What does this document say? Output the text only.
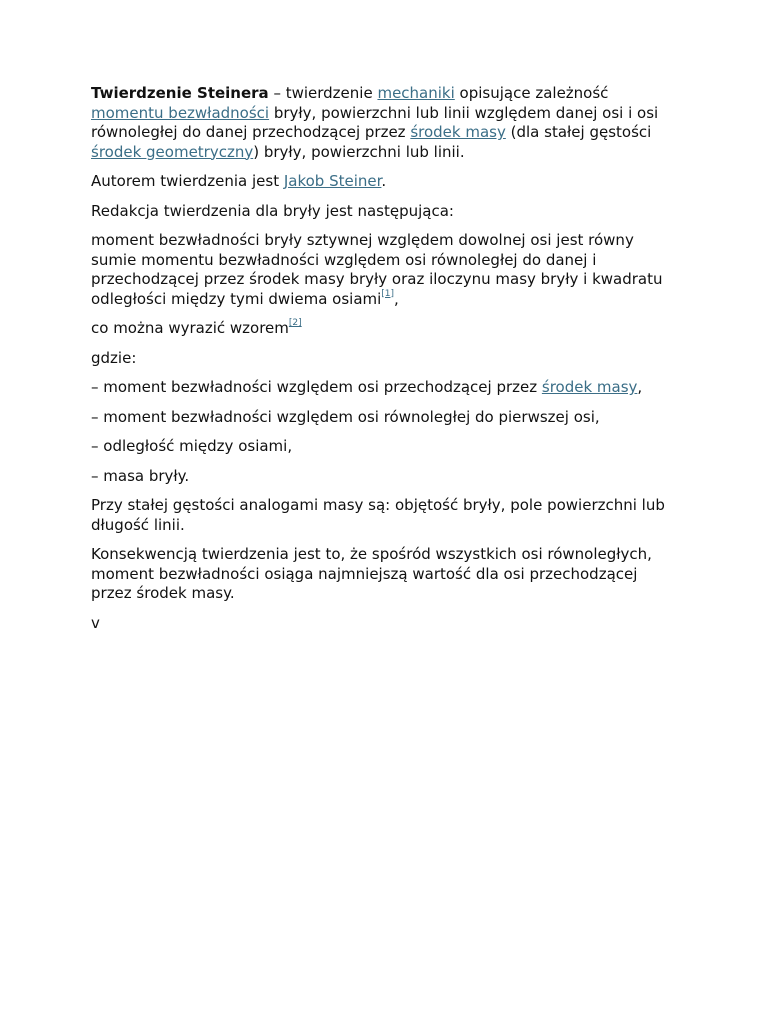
Twierdzenie Steinera – twierdzenie mechaniki opisujące zależność momentu bezwładności bryły, powierzchni lub linii względem danej osi i osi równoległej do danej przechodzącej przez środek masy (dla stałej gęstości środek geometryczny) bryły, powierzchni lub linii.

Autorem twierdzenia jest Jakob Steiner.

Redakcja twierdzenia dla bryły jest następująca:

moment bezwładności bryły sztywnej względem dowolnej osi jest równy sumie momentu bezwładności względem osi równoległej do danej i przechodzącej przez środek masy bryły oraz iloczynu masy bryły i kwadratu odległości między tymi dwiema osiami[1],

co można wyrazić wzorem[2]

gdzie:

– moment bezwładności względem osi przechodzącej przez środek masy,

– moment bezwładności względem osi równoległej do pierwszej osi,

– odległość między osiami,

– masa bryły.

Przy stałej gęstości analogami masy są: objętość bryły, pole powierzchni lub długość linii.

Konsekwencją twierdzenia jest to, że spośród wszystkich osi równoległych, moment bezwładności osiąga najmniejszą wartość dla osi przechodzącej przez środek masy.

v
